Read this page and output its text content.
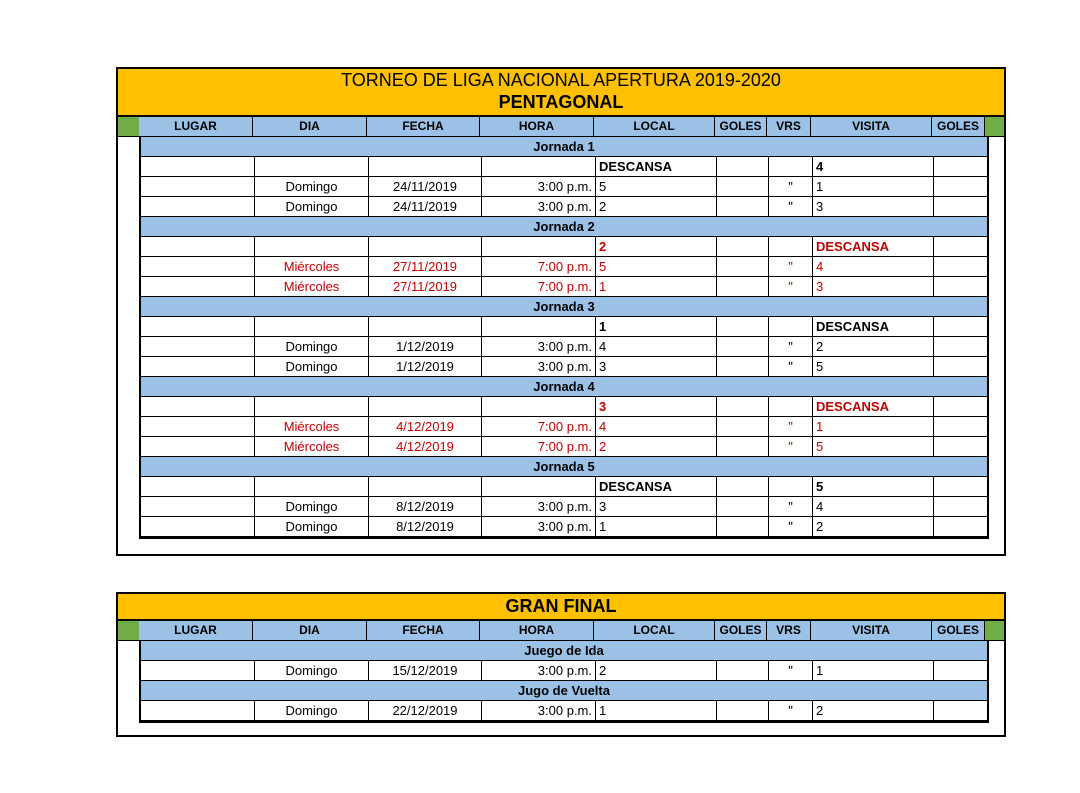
TORNEO DE LIGA NACIONAL APERTURA 2019-2020
PENTAGONAL
LUGAR	DIA	FECHA	HORA	LOCAL	GOLES	VRS	VISITA	GOLES
Jornada 1
DESCANSA	4
Domingo	24/11/2019	3:00 p.m. 5	"	1
Domingo	24/11/2019	3:00 p.m. 2	"	3
Jornada 2
2	DESCANSA
Miércoles	27/11/2019	7:00 p.m. 5	"	4
Miércoles	27/11/2019	7:00 p.m. 1	"	3
Jornada 3
1	DESCANSA
Domingo	1/12/2019	3:00 p.m. 4	"	2
Domingo	1/12/2019	3:00 p.m. 3	"	5
Jornada 4
3	DESCANSA
Miércoles	4/12/2019	7:00 p.m. 4	"	1
Miércoles	4/12/2019	7:00 p.m. 2	"	5
Jornada 5
DESCANSA	5
Domingo	8/12/2019	3:00 p.m. 3	"	4
Domingo	8/12/2019	3:00 p.m. 1	"	2
GRAN FINAL
LUGAR	DIA	FECHA	HORA	LOCAL	GOLES	VRS	VISITA	GOLES
Juego de Ida
Domingo	15/12/2019	3:00 p.m. 2	"	1
Jugo de Vuelta
Domingo	22/12/2019	3:00 p.m. 1	"	2
